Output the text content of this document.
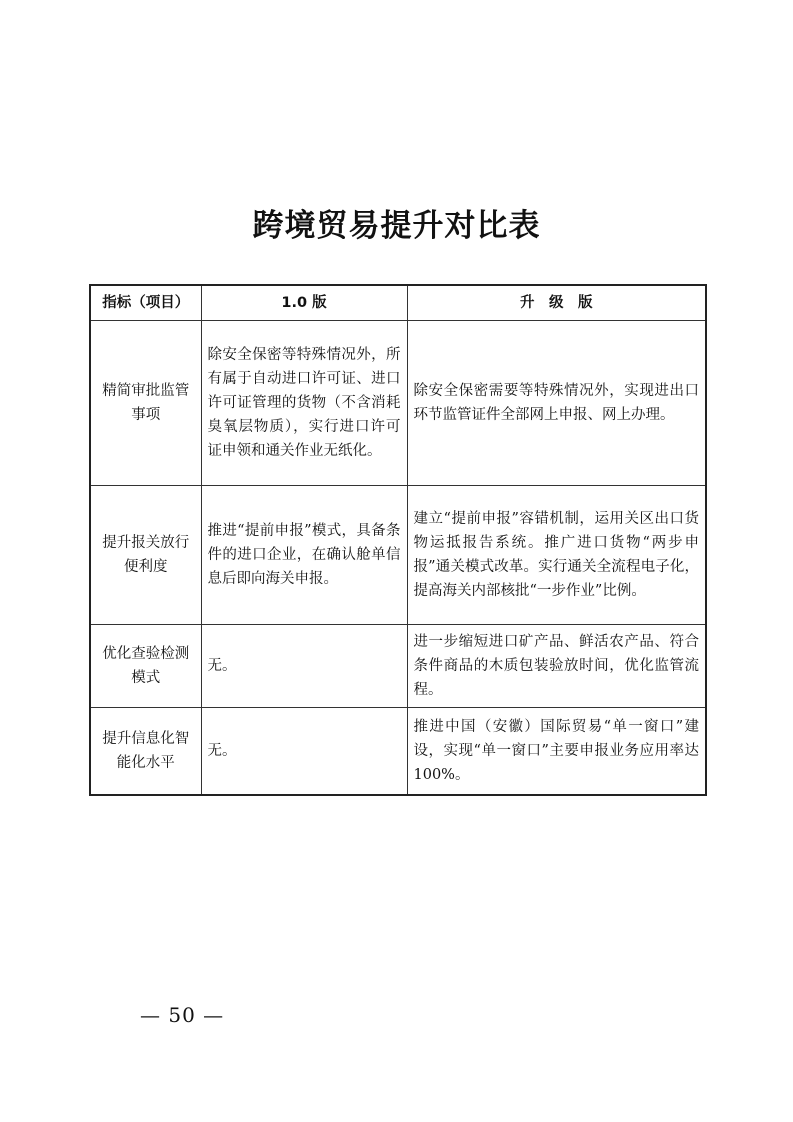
跨境贸易提升对比表
指标（项目）	1.0 版	升　级　版
精简审批监管事项	除安全保密等特殊情况外，所有属于自动进口许可证、进口许可证管理的货物（不含消耗臭氧层物质），实行进口许可证申领和通关作业无纸化。	除安全保密需要等特殊情况外，实现进出口环节监管证件全部网上申报、网上办理。
提升报关放行便利度	推进“提前申报”模式，具备条件的进口企业，在确认舱单信息后即向海关申报。	建立“提前申报”容错机制，运用关区出口货物运抵报告系统。推广进口货物“两步申报”通关模式改革。实行通关全流程电子化，提高海关内部核批“一步作业”比例。
优化查验检测模式	无。	进一步缩短进口矿产品、鲜活农产品、符合条件商品的木质包装验放时间，优化监管流程。
提升信息化智能化水平	无。	推进中国（安徽）国际贸易“单一窗口”建设，实现“单一窗口”主要申报业务应用率达 100%。
— 50 —
